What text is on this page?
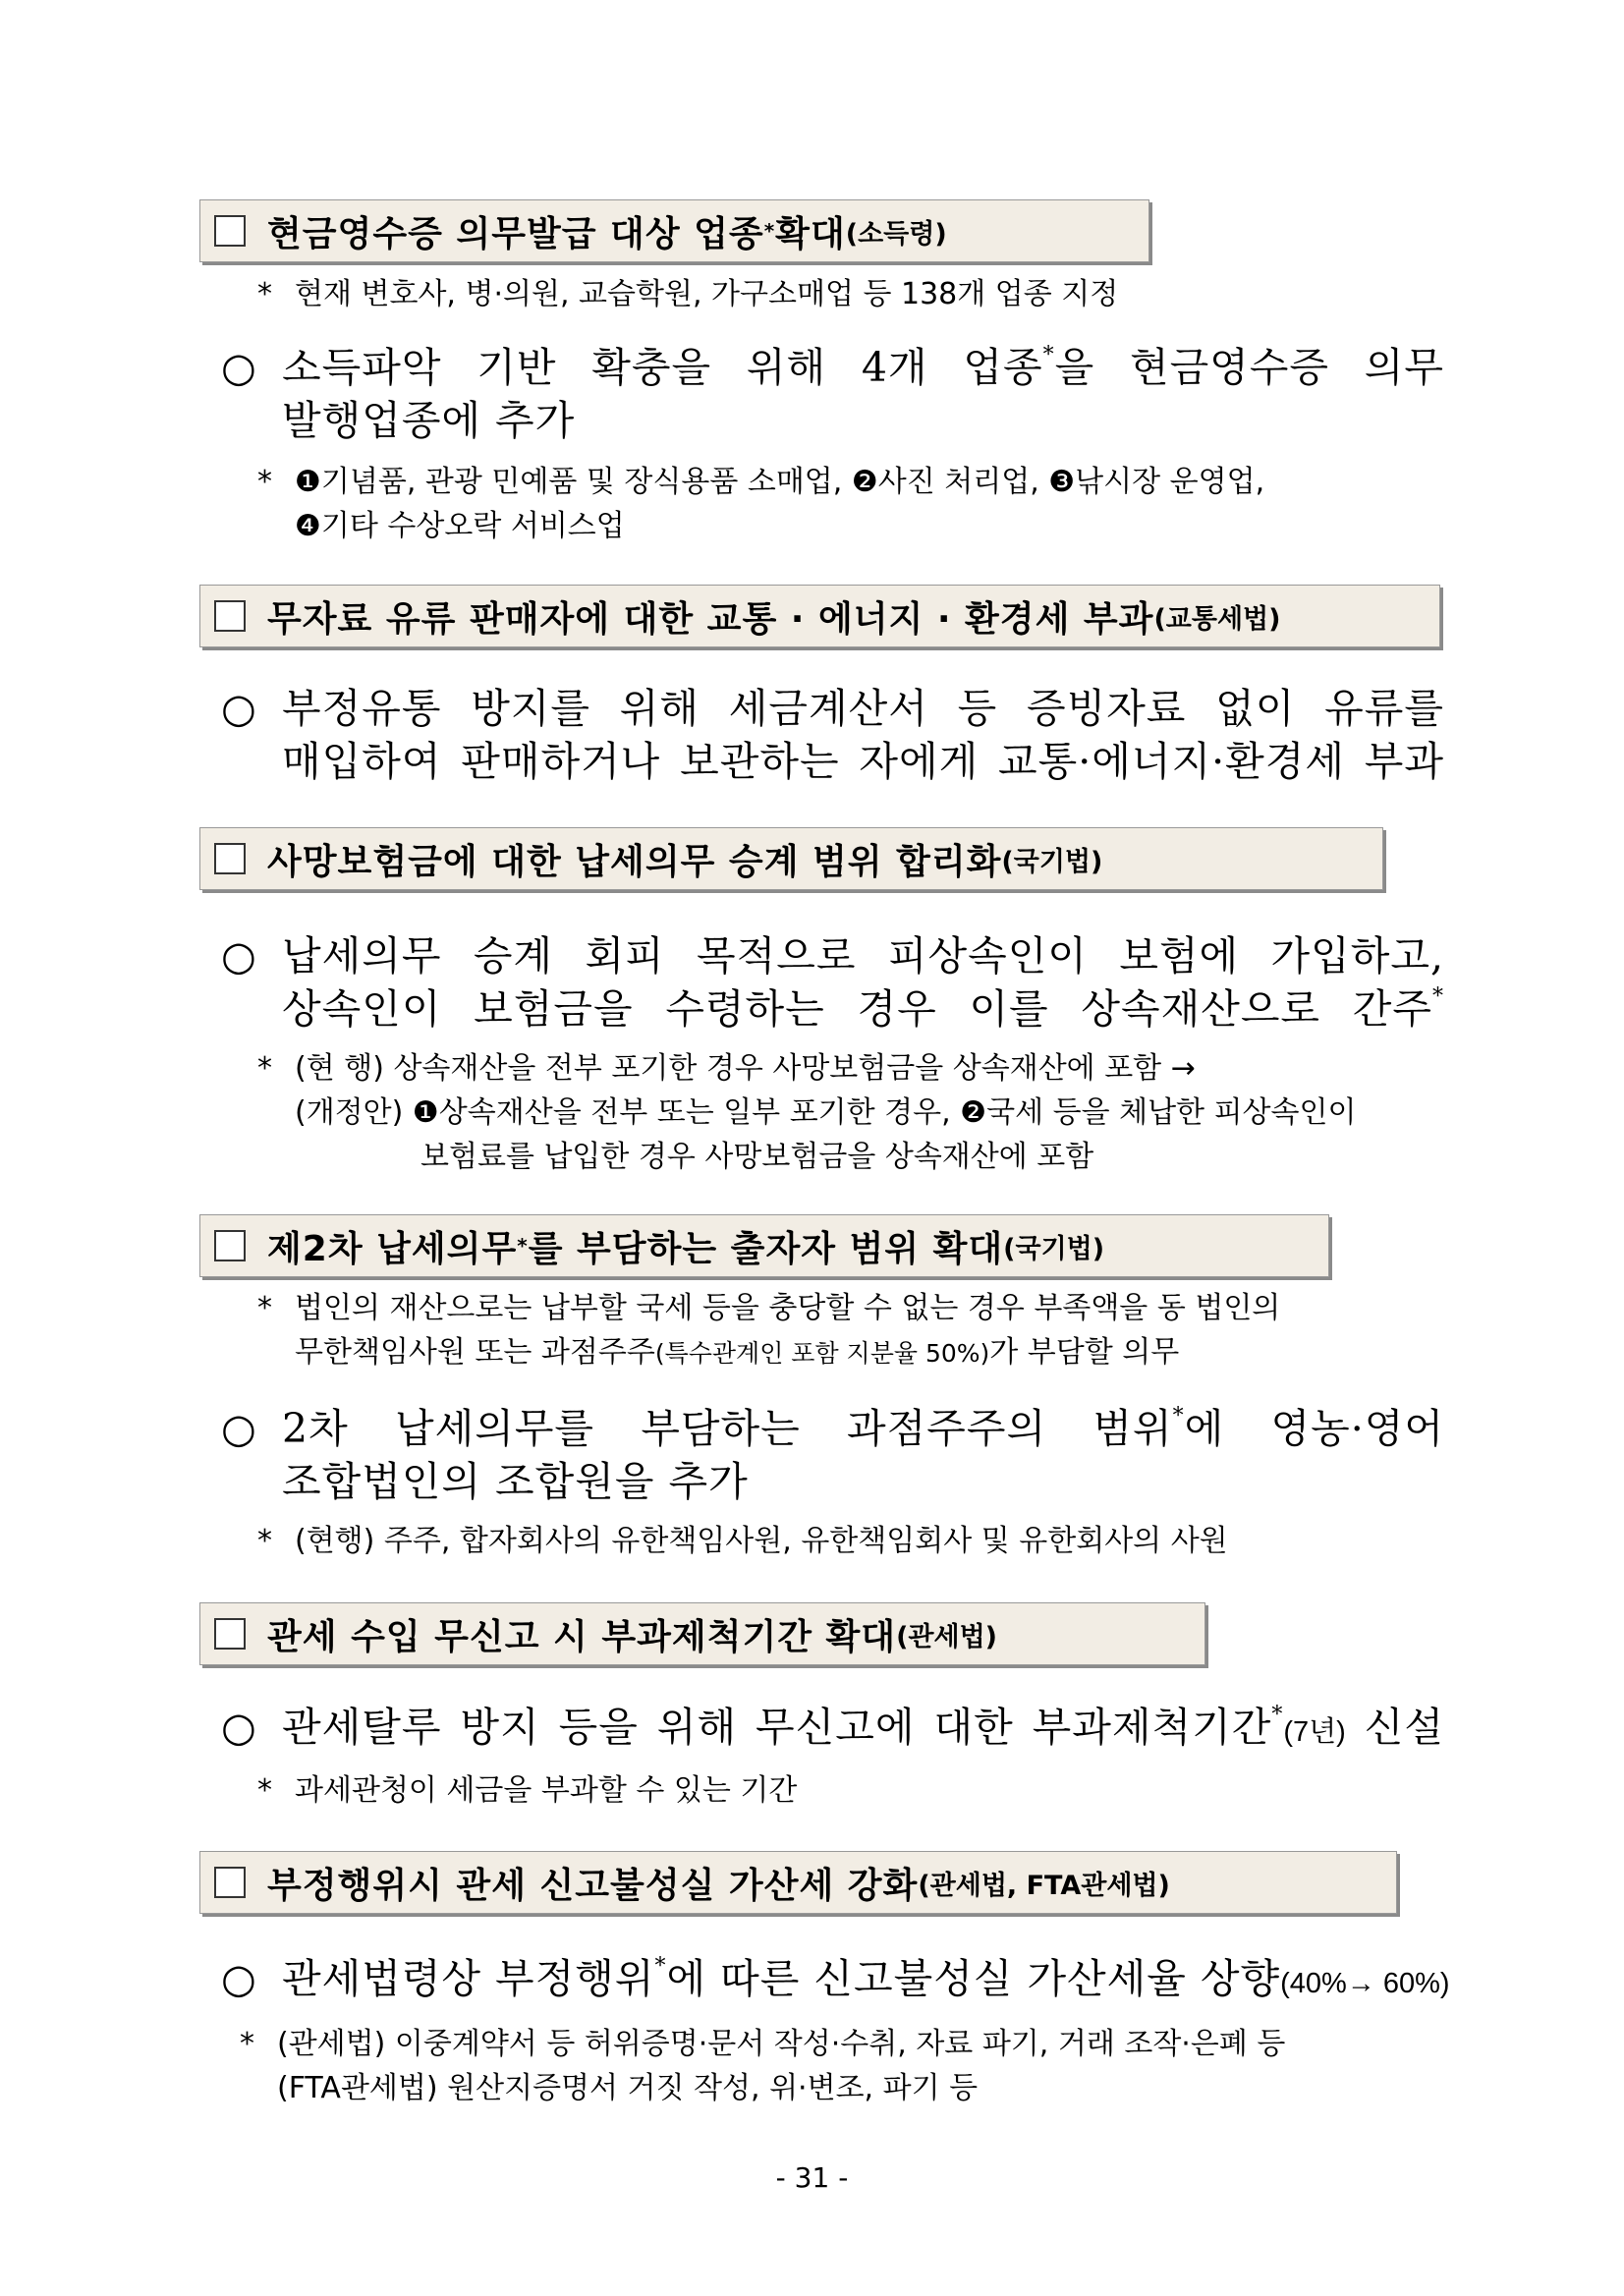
현금영수증 의무발급 대상 업종 * 확대 (소득령)
* 현재 변호사, 병·의원, 교습학원, 가구소매업 등 138개 업종 지정
○ 소득파악 기반 확충을 위해 4개 업종*을 현금영수증 의무
발행업종에 추가
* ❶기념품, 관광 민예품 및 장식용품 소매업, ❷사진 처리업, ❸낚시장 운영업,
❹기타 수상오락 서비스업
무자료 유류 판매자에 대한 교통 · 에너지 · 환경세 부과 (교통세법)
○ 부정유통 방지를 위해 세금계산서 등 증빙자료 없이 유류를
매입하여 판매하거나 보관하는 자에게 교통·에너지·환경세 부과
사망보험금에 대한 납세의무 승계 범위 합리화 (국기법)
○ 납세의무 승계 회피 목적으로 피상속인이 보험에 가입하고,
상속인이 보험금을 수령하는 경우 이를 상속재산으로 간주*
* (현 행) 상속재산을 전부 포기한 경우 사망보험금을 상속재산에 포함 →
(개정안) ❶상속재산을 전부 또는 일부 포기한 경우, ❷국세 등을 체납한 피상속인이
보험료를 납입한 경우 사망보험금을 상속재산에 포함
제2차 납세의무 * 를 부담하는 출자자 범위 확대 (국기법)
* 법인의 재산으로는 납부할 국세 등을 충당할 수 없는 경우 부족액을 동 법인의
무한책임사원 또는 과점주주(특수관계인 포함 지분율 50%)가 부담할 의무
○ 2차 납세의무를 부담하는 과점주주의 범위*에 영농·영어
조합법인의 조합원을 추가
* (현행) 주주, 합자회사의 유한책임사원, 유한책임회사 및 유한회사의 사원
관세 수입 무신고 시 부과제척기간 확대 (관세법)
○ 관세탈루 방지 등을 위해 무신고에 대한 부과제척기간*(7년) 신설
* 과세관청이 세금을 부과할 수 있는 기간
부정행위시 관세 신고불성실 가산세 강화 (관세법, FTA관세법)
○ 관세법령상 부정행위*에 따른 신고불성실 가산세율 상향(40%→ 60%)
* (관세법) 이중계약서 등 허위증명·문서 작성·수취, 자료 파기, 거래 조작·은폐 등
(FTA관세법) 원산지증명서 거짓 작성, 위·변조, 파기 등
- 31 -
